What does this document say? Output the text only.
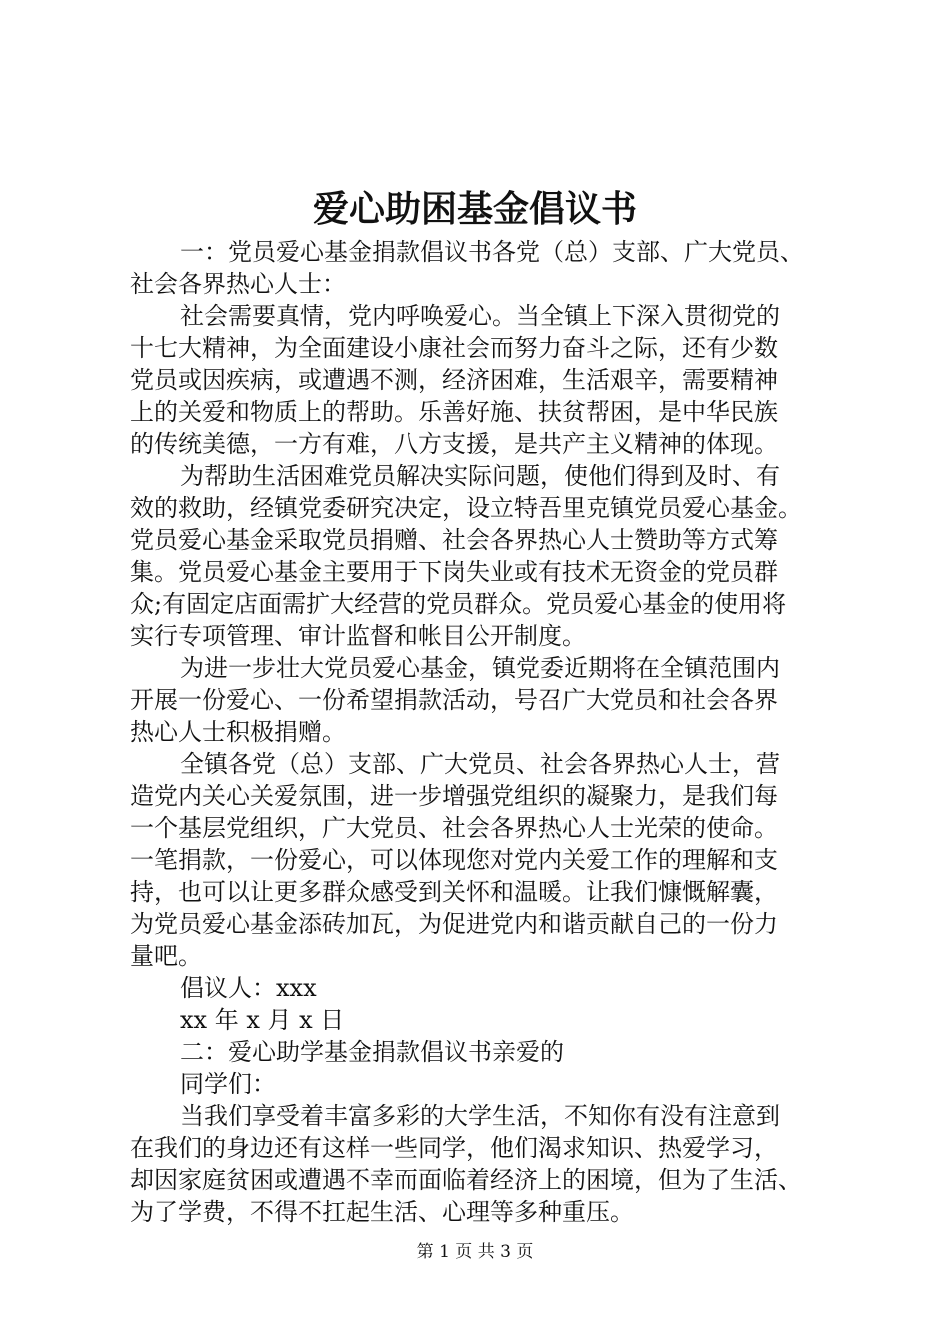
爱心助困基金倡议书

一：党员爱心基金捐款倡议书各党（总）支部、广大党员、

社会各界热心人士：

社会需要真情，党内呼唤爱心。当全镇上下深入贯彻党的

十七大精神，为全面建设小康社会而努力奋斗之际，还有少数

党员或因疾病，或遭遇不测，经济困难，生活艰辛，需要精神

上的关爱和物质上的帮助。乐善好施、扶贫帮困，是中华民族

的传统美德，一方有难，八方支援，是共产主义精神的体现。

为帮助生活困难党员解决实际问题，使他们得到及时、有

效的救助，经镇党委研究决定，设立特吾里克镇党员爱心基金。

党员爱心基金采取党员捐赠、社会各界热心人士赞助等方式筹

集。党员爱心基金主要用于下岗失业或有技术无资金的党员群

众;有固定店面需扩大经营的党员群众。党员爱心基金的使用将

实行专项管理、审计监督和帐目公开制度。

为进一步壮大党员爱心基金，镇党委近期将在全镇范围内

开展一份爱心、一份希望捐款活动，号召广大党员和社会各界

热心人士积极捐赠。

全镇各党（总）支部、广大党员、社会各界热心人士，营

造党内关心关爱氛围，进一步增强党组织的凝聚力，是我们每

一个基层党组织，广大党员、社会各界热心人士光荣的使命。

一笔捐款，一份爱心，可以体现您对党内关爱工作的理解和支

持，也可以让更多群众感受到关怀和温暖。让我们慷慨解囊，

为党员爱心基金添砖加瓦，为促进党内和谐贡献自己的一份力

量吧。

倡议人：xxx

xx 年 x 月 x 日

二：爱心助学基金捐款倡议书亲爱的

同学们：

当我们享受着丰富多彩的大学生活，不知你有没有注意到

在我们的身边还有这样一些同学，他们渴求知识、热爱学习，

却因家庭贫困或遭遇不幸而面临着经济上的困境，但为了生活、

为了学费，不得不扛起生活、心理等多种重压。

第 1 页 共 3 页
